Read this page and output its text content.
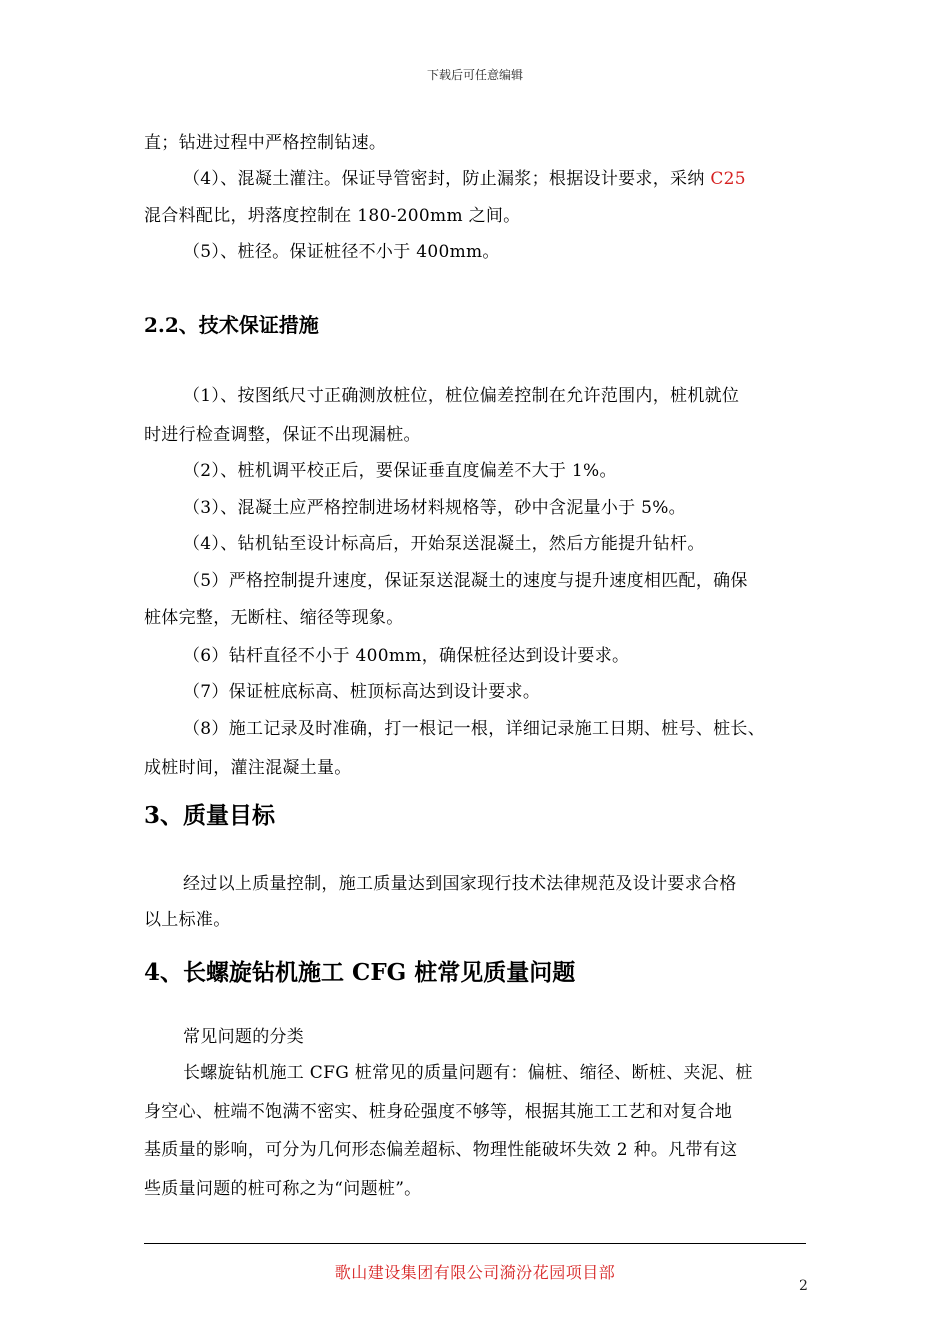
下载后可任意编辑
直；钻进过程中严格控制钻速。
（4）、混凝土灌注。保证导管密封，防止漏浆；根据设计要求，采纳 C25
混合料配比，坍落度控制在 180-200mm 之间。
（5）、桩径。保证桩径不小于 400mm。
2.2、技术保证措施
（1）、按图纸尺寸正确测放桩位，桩位偏差控制在允许范围内，桩机就位
时进行检查调整，保证不出现漏桩。
（2）、桩机调平校正后，要保证垂直度偏差不大于 1%。
（3）、混凝土应严格控制进场材料规格等，砂中含泥量小于 5%。
（4）、钻机钻至设计标高后，开始泵送混凝土，然后方能提升钻杆。
（5）严格控制提升速度，保证泵送混凝土的速度与提升速度相匹配，确保
桩体完整，无断柱、缩径等现象。
（6）钻杆直径不小于 400mm，确保桩径达到设计要求。
（7）保证桩底标高、桩顶标高达到设计要求。
（8）施工记录及时准确，打一根记一根，详细记录施工日期、桩号、桩长、
成桩时间，灌注混凝土量。
3、质量目标
经过以上质量控制，施工质量达到国家现行技术法律规范及设计要求合格
以上标准。
4、长螺旋钻机施工 CFG 桩常见质量问题
常见问题的分类
长螺旋钻机施工 CFG 桩常见的质量问题有：偏桩、缩径、断桩、夹泥、桩
身空心、桩端不饱满不密实、桩身砼强度不够等，根据其施工工艺和对复合地
基质量的影响，可分为几何形态偏差超标、物理性能破坏失效 2 种。凡带有这
些质量问题的桩可称之为“问题桩”。
歌山建设集团有限公司漪汾花园项目部
2
